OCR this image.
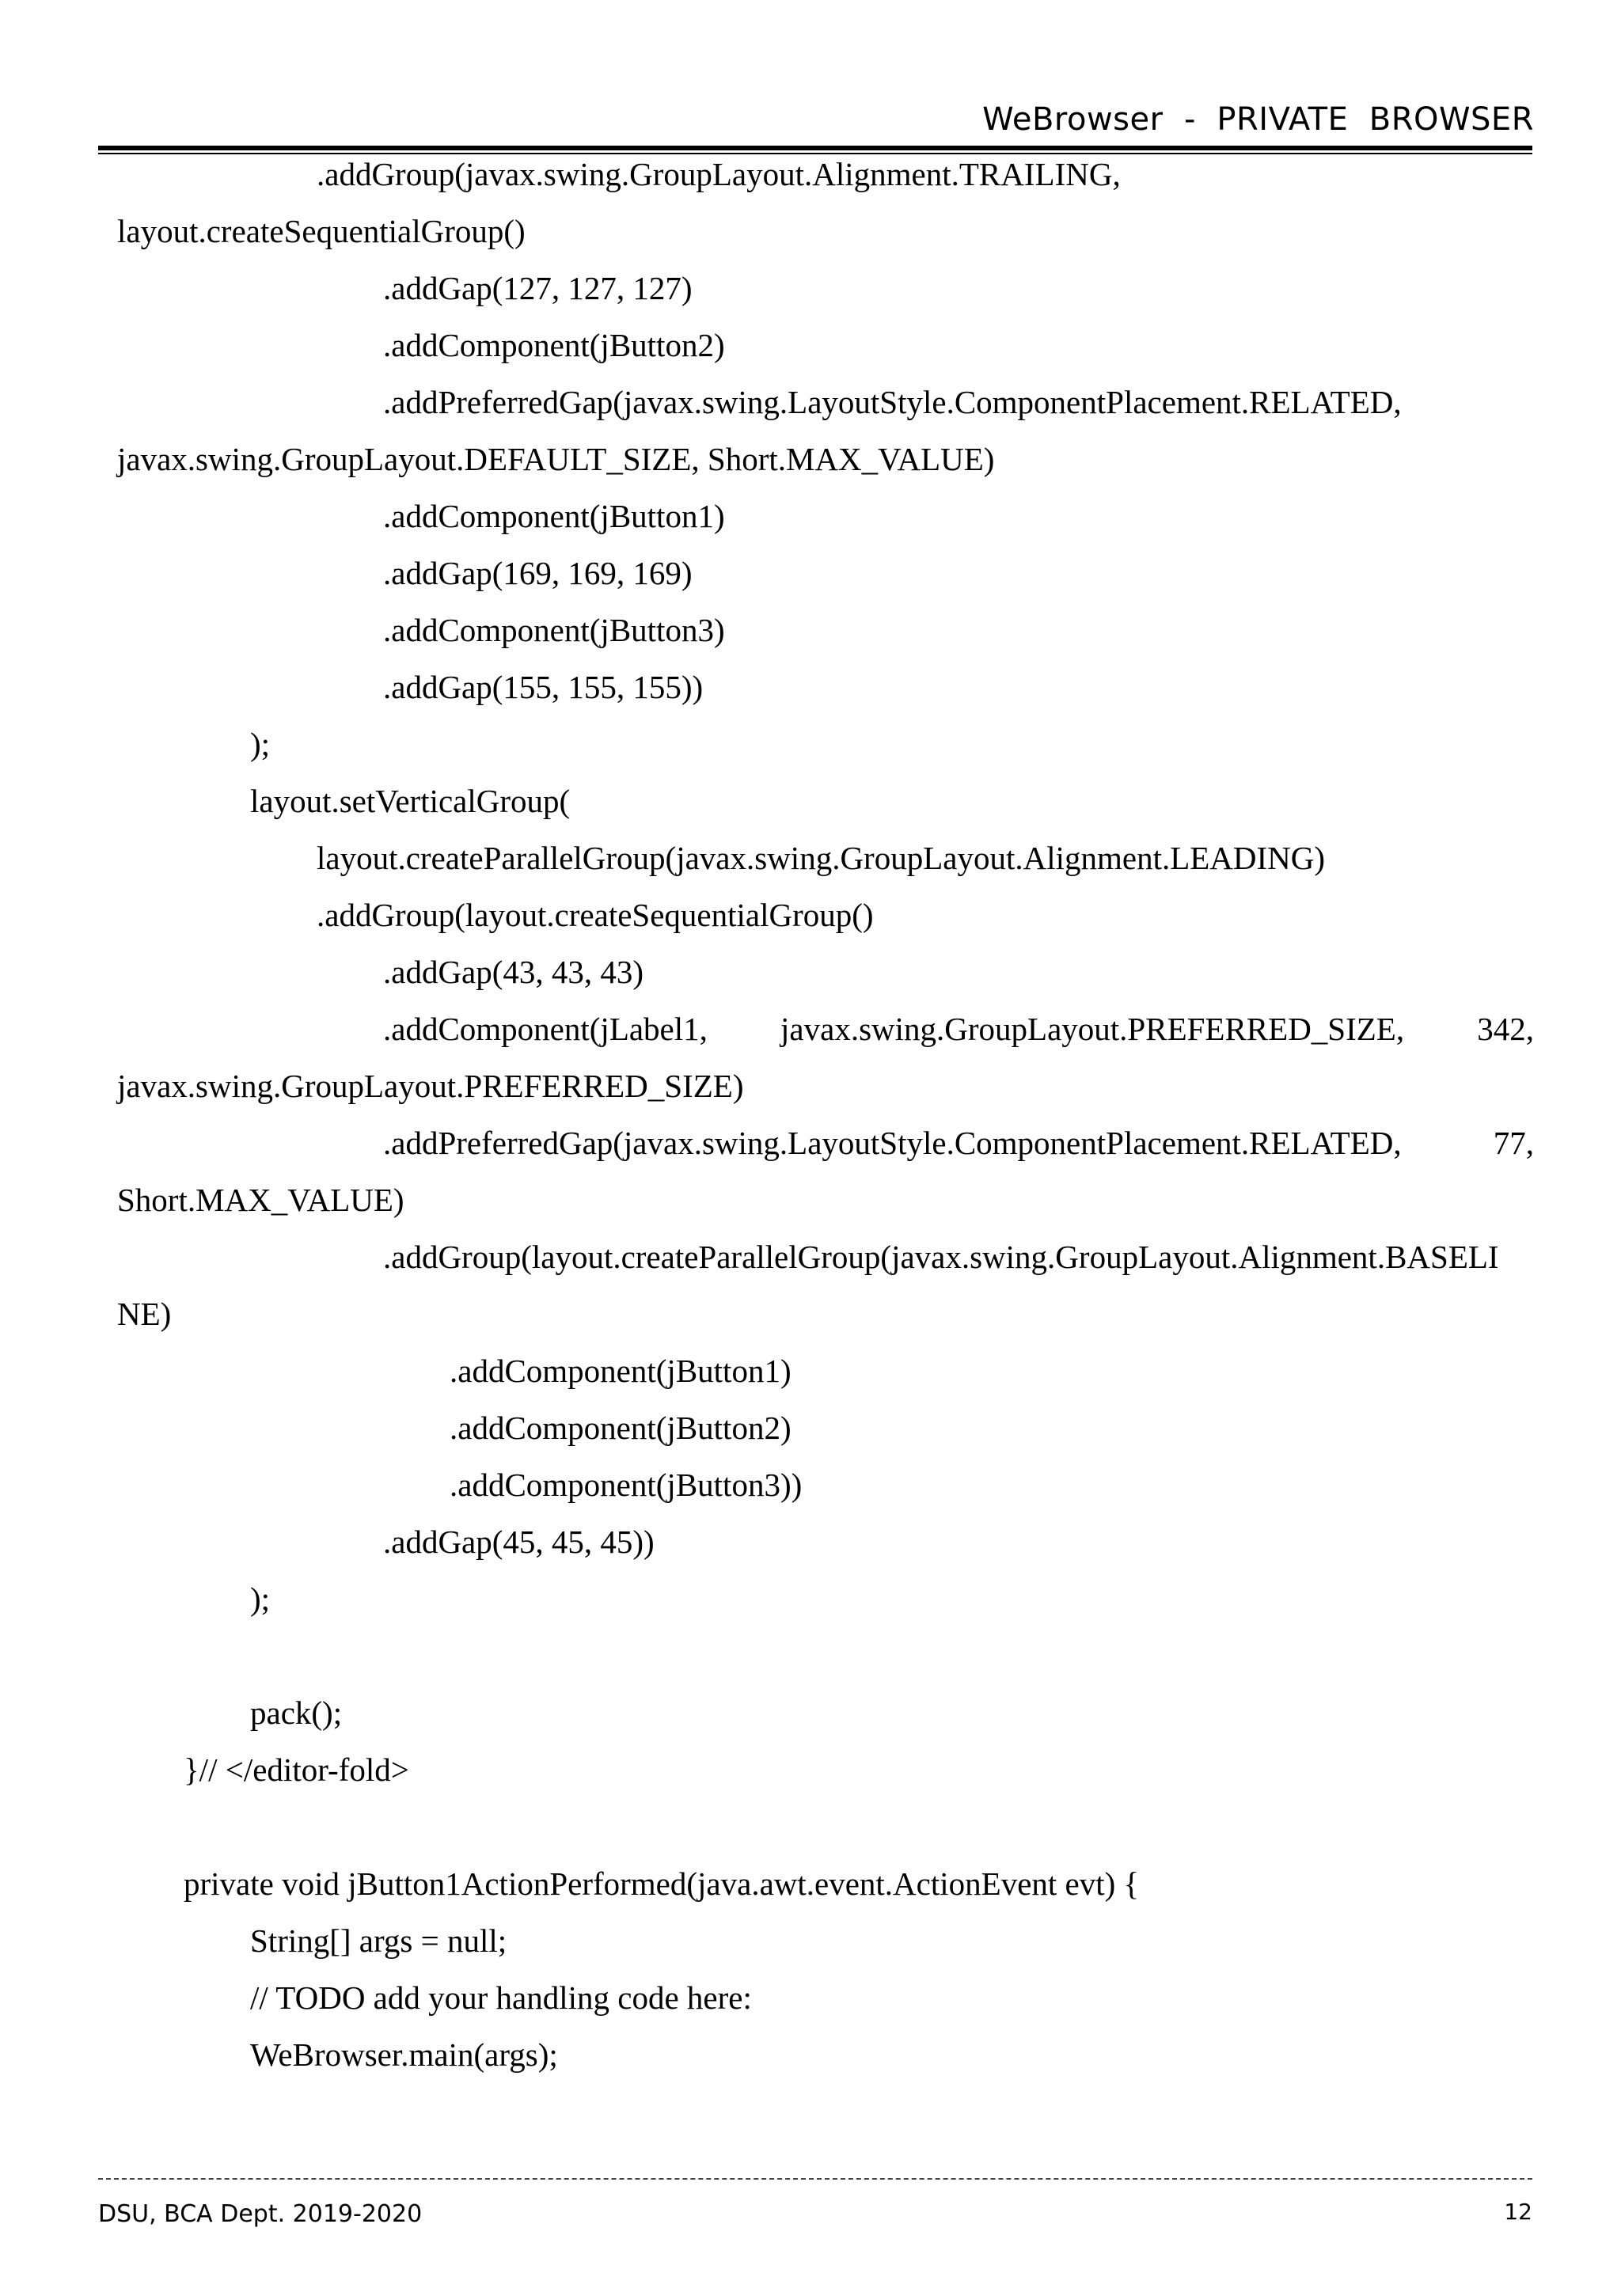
WeBrowser  -  PRIVATE  BROWSER
.addGroup(javax.swing.GroupLayout.Alignment.TRAILING,
layout.createSequentialGroup()
.addGap(127, 127, 127)
.addComponent(jButton2)
.addPreferredGap(javax.swing.LayoutStyle.ComponentPlacement.RELATED,
javax.swing.GroupLayout.DEFAULT_SIZE, Short.MAX_VALUE)
.addComponent(jButton1)
.addGap(169, 169, 169)
.addComponent(jButton3)
.addGap(155, 155, 155))
);
layout.setVerticalGroup(
layout.createParallelGroup(javax.swing.GroupLayout.Alignment.LEADING)
.addGroup(layout.createSequentialGroup()
.addGap(43, 43, 43)
.addComponent(jLabel1, javax.swing.GroupLayout.PREFERRED_SIZE, 342,
javax.swing.GroupLayout.PREFERRED_SIZE)
.addPreferredGap(javax.swing.LayoutStyle.ComponentPlacement.RELATED,	77,
Short.MAX_VALUE)
.addGroup(layout.createParallelGroup(javax.swing.GroupLayout.Alignment.BASELI
NE)
.addComponent(jButton1)
.addComponent(jButton2)
.addComponent(jButton3))
.addGap(45, 45, 45))
);
pack();
}// </editor-fold>
private void jButton1ActionPerformed(java.awt.event.ActionEvent evt) {
String[] args = null;
// TODO add your handling code here:
WeBrowser.main(args);
DSU, BCA Dept. 2019-2020	12
